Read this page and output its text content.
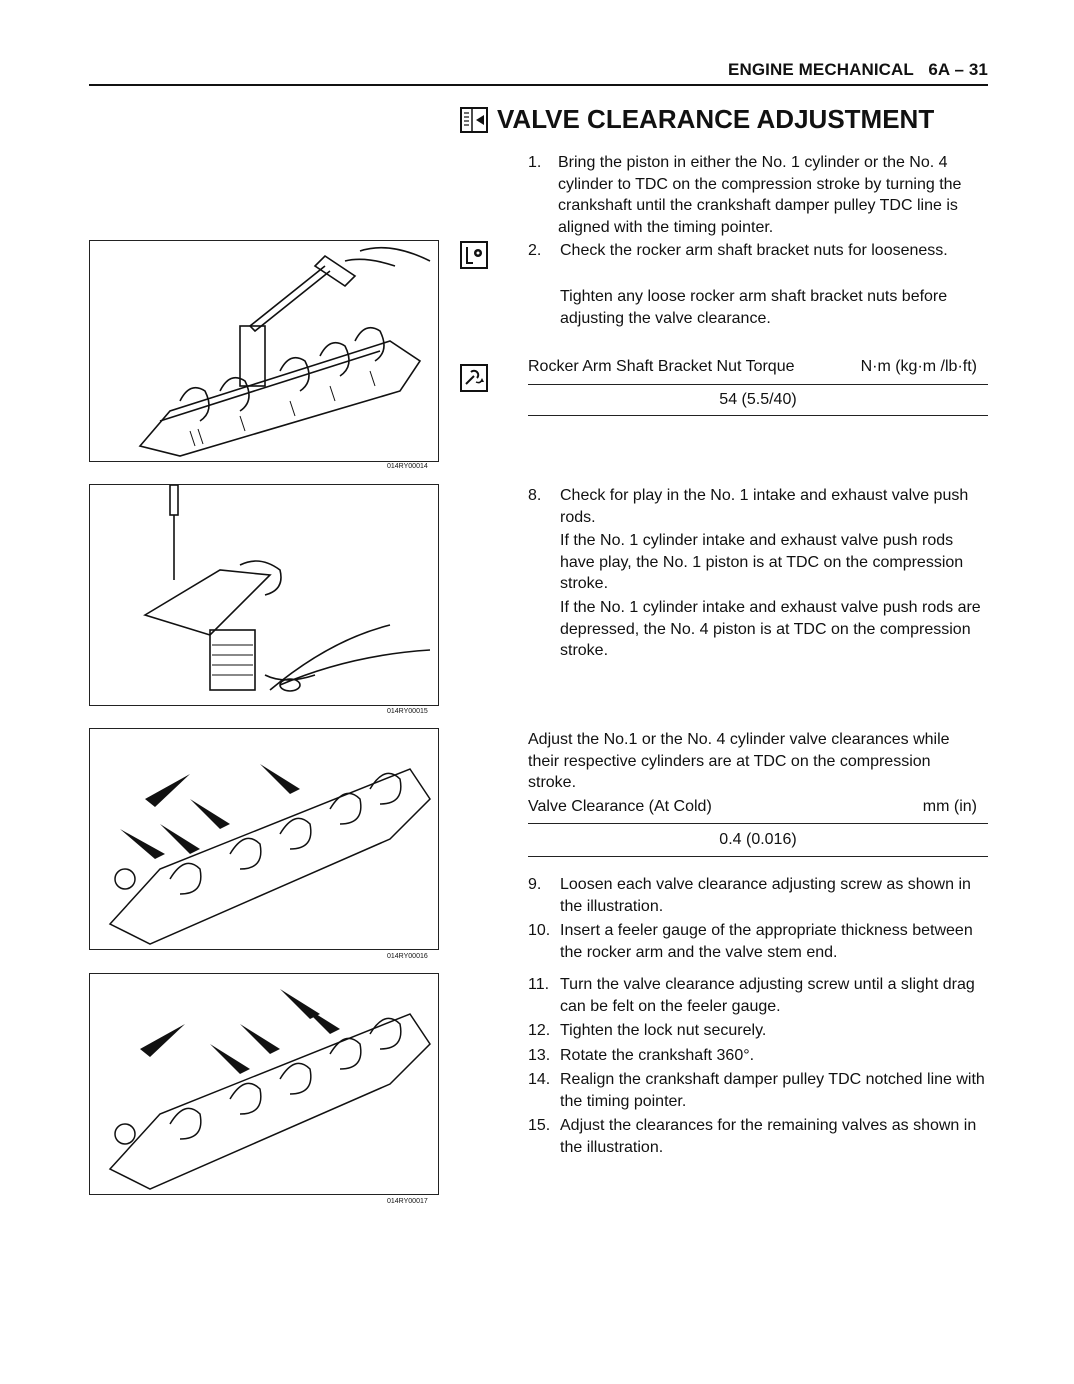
ENGINE MECHANICAL 6A – 31
VALVE CLEARANCE ADJUSTMENT
014RY00014
014RY00015
014RY00016
014RY00017
1. Bring the piston in either the No. 1 cylinder or the No. 4 cylinder to TDC on the compression stroke by turning the crankshaft until the crankshaft damper pulley TDC line is aligned with the timing pointer.
2. Check the rocker arm shaft bracket nuts for looseness.
Tighten any loose rocker arm shaft bracket nuts before adjusting the valve clearance.
Rocker Arm Shaft Bracket Nut Torque	N·m (kg·m /lb·ft)
54 (5.5/40)
8. Check for play in the No. 1 intake and exhaust valve push rods.
If the No. 1 cylinder intake and exhaust valve push rods have play, the No. 1 piston is at TDC on the compression stroke.
If the No. 1 cylinder intake and exhaust valve push rods are depressed, the No. 4 piston is at TDC on the compression stroke.
Adjust the No.1 or the No. 4 cylinder valve clearances while their respective cylinders are at TDC on the compression stroke.
Valve Clearance (At Cold)	mm (in)
0.4 (0.016)
9. Loosen each valve clearance adjusting screw as shown in the illustration.
10. Insert a feeler gauge of the appropriate thickness between the rocker arm and the valve stem end.
11. Turn the valve clearance adjusting screw until a slight drag can be felt on the feeler gauge.
12. Tighten the lock nut securely.
13. Rotate the crankshaft 360°.
14. Realign the crankshaft damper pulley TDC notched line with the timing pointer.
15. Adjust the clearances for the remaining valves as shown in the illustration.
